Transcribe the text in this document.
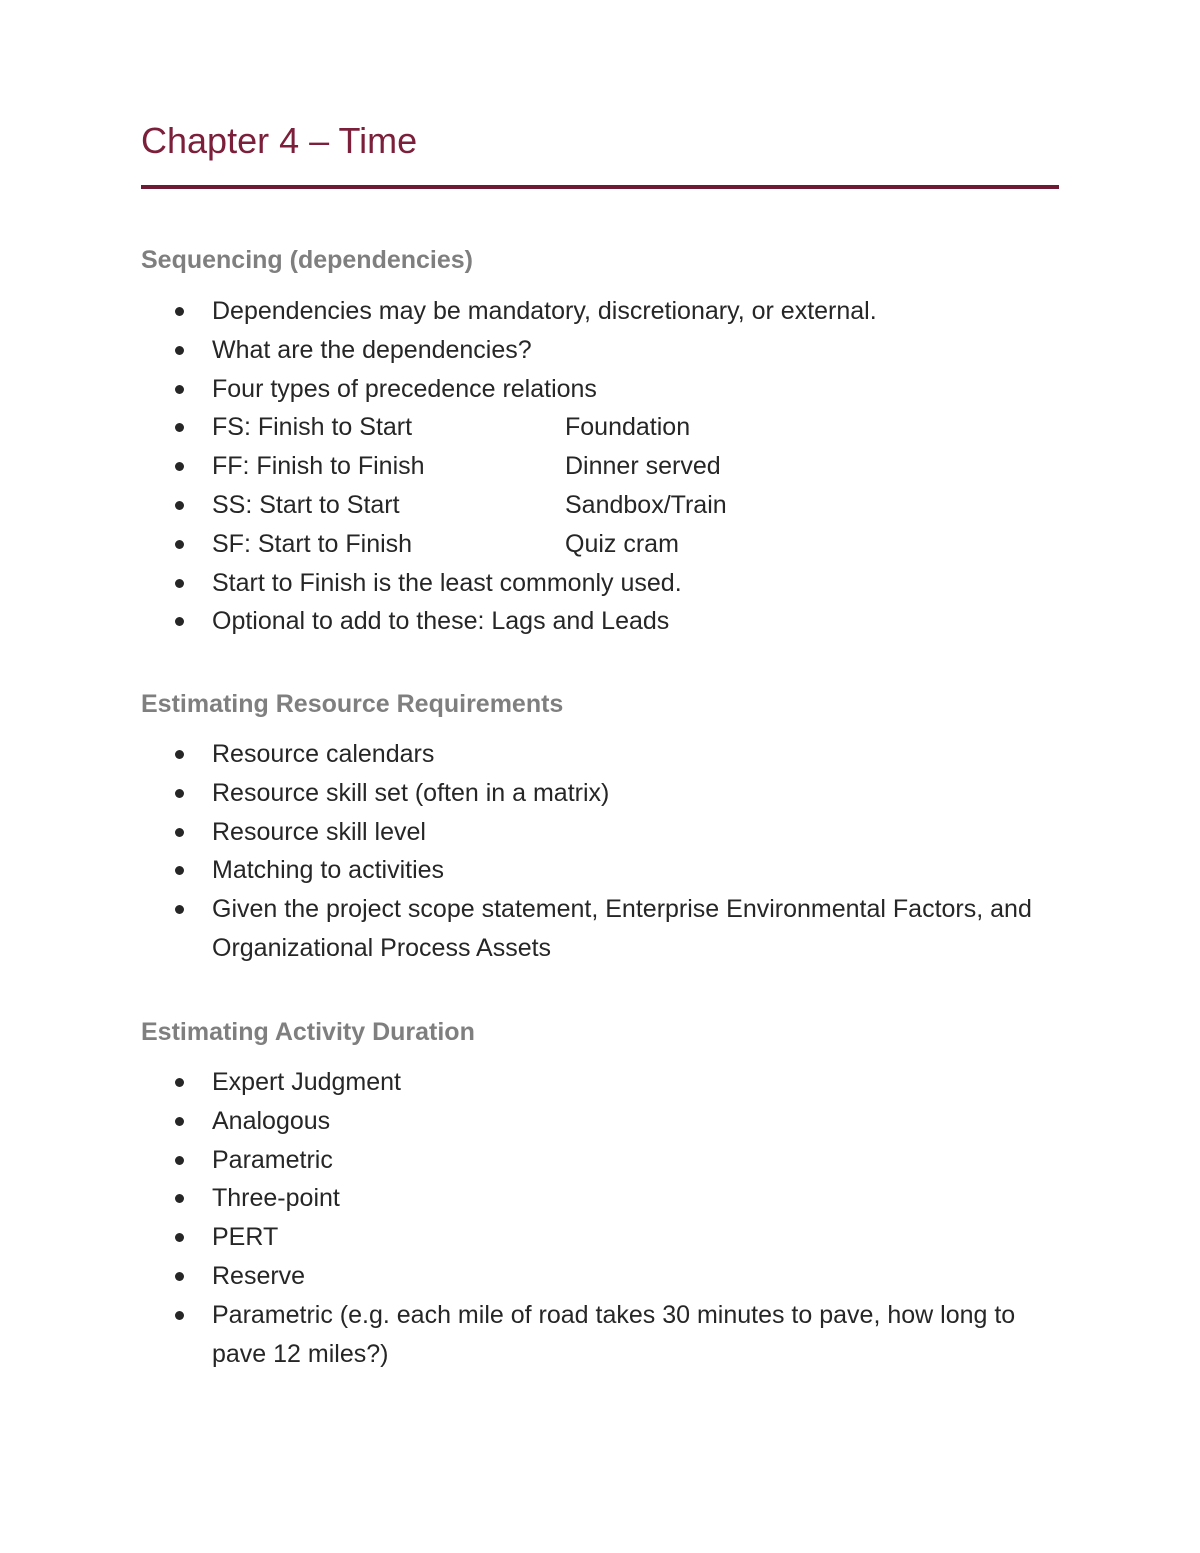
Chapter 4 – Time
Sequencing (dependencies)
Dependencies may be mandatory, discretionary, or external.
What are the dependencies?
Four types of precedence relations
FS: Finish to Start	Foundation
FF: Finish to Finish	Dinner served
SS: Start to Start	Sandbox/Train
SF: Start to Finish	Quiz cram
Start to Finish is the least commonly used.
Optional to add to these: Lags and Leads
Estimating Resource Requirements
Resource calendars
Resource skill set (often in a matrix)
Resource skill level
Matching to activities
Given the project scope statement, Enterprise Environmental Factors, and Organizational Process Assets
Estimating Activity Duration
Expert Judgment
Analogous
Parametric
Three-point
PERT
Reserve
Parametric (e.g. each mile of road takes 30 minutes to pave, how long to pave 12 miles?)
